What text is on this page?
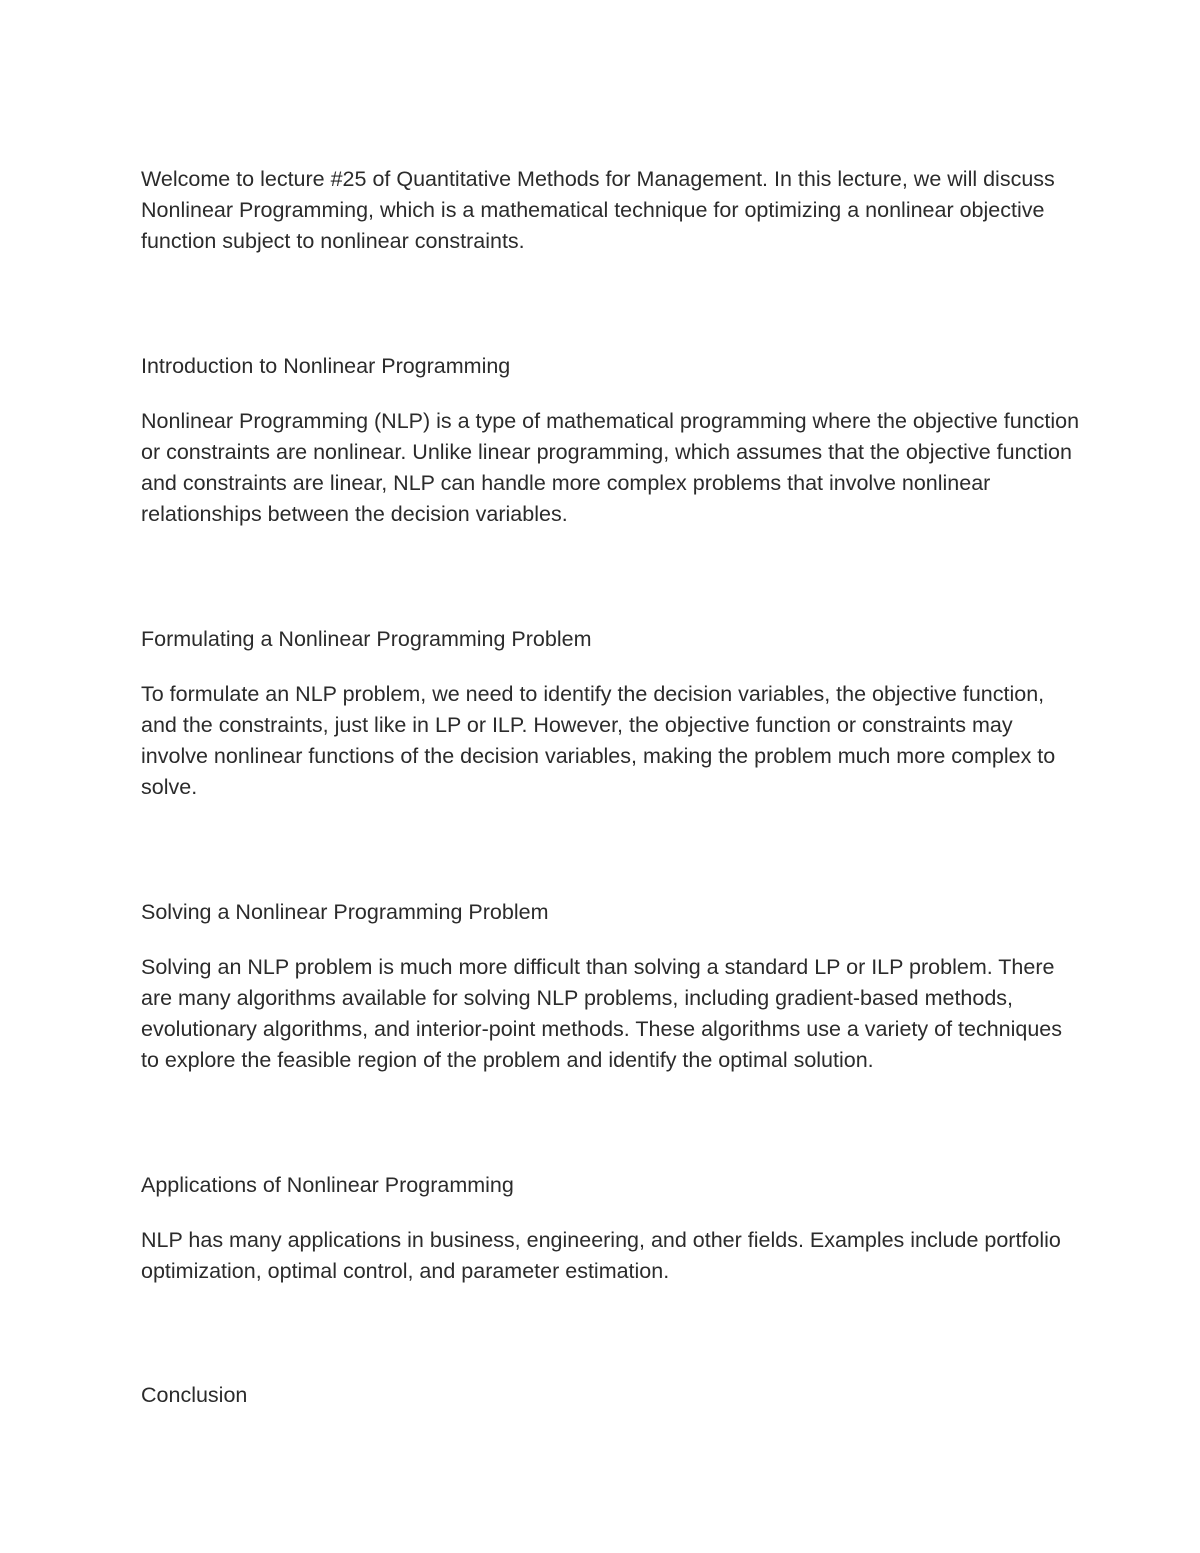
Welcome to lecture #25 of Quantitative Methods for Management. In this lecture, we will discuss Nonlinear Programming, which is a mathematical technique for optimizing a nonlinear objective function subject to nonlinear constraints.

Introduction to Nonlinear Programming

Nonlinear Programming (NLP) is a type of mathematical programming where the objective function or constraints are nonlinear. Unlike linear programming, which assumes that the objective function and constraints are linear, NLP can handle more complex problems that involve nonlinear relationships between the decision variables.

Formulating a Nonlinear Programming Problem

To formulate an NLP problem, we need to identify the decision variables, the objective function, and the constraints, just like in LP or ILP. However, the objective function or constraints may involve nonlinear functions of the decision variables, making the problem much more complex to solve.

Solving a Nonlinear Programming Problem

Solving an NLP problem is much more difficult than solving a standard LP or ILP problem. There are many algorithms available for solving NLP problems, including gradient-based methods, evolutionary algorithms, and interior-point methods. These algorithms use a variety of techniques to explore the feasible region of the problem and identify the optimal solution.

Applications of Nonlinear Programming

NLP has many applications in business, engineering, and other fields. Examples include portfolio optimization, optimal control, and parameter estimation.

Conclusion
